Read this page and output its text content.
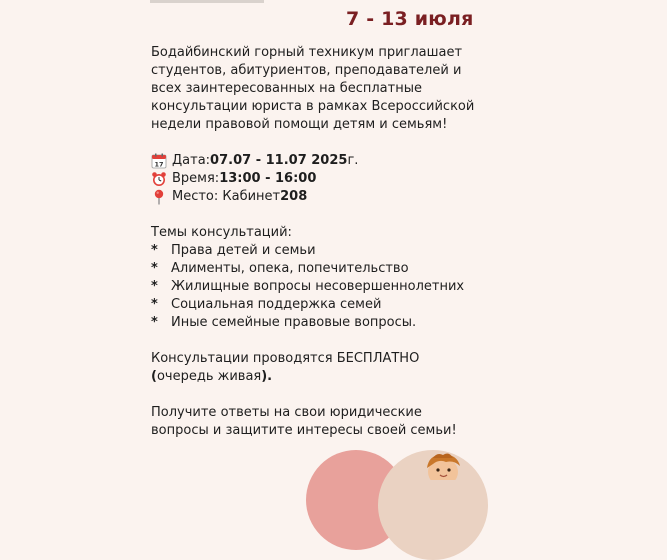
7 - 13 июля

Бодайбинский горный техникум приглашает
студентов, абитуриентов, преподавателей и
всех заинтересованных на бесплатные
консультации юриста в рамках Всероссийской
недели правовой помощи детям и семьям!

17 Дата: 07.07 - 11.07 2025 г.
Время: 13:00 - 16:00
Место: Кабинет 208

Темы консультаций:

*	Права детей и семьи
*	Алименты, опека, попечительство
*	Жилищные вопросы несовершеннолетних
*	Социальная поддержка семей
*	Иные семейные правовые вопросы.

Консультации проводятся БЕСПЛАТНО

(очередь живая).

Получите ответы на свои юридические
вопросы и защитите интересы своей семьи!
